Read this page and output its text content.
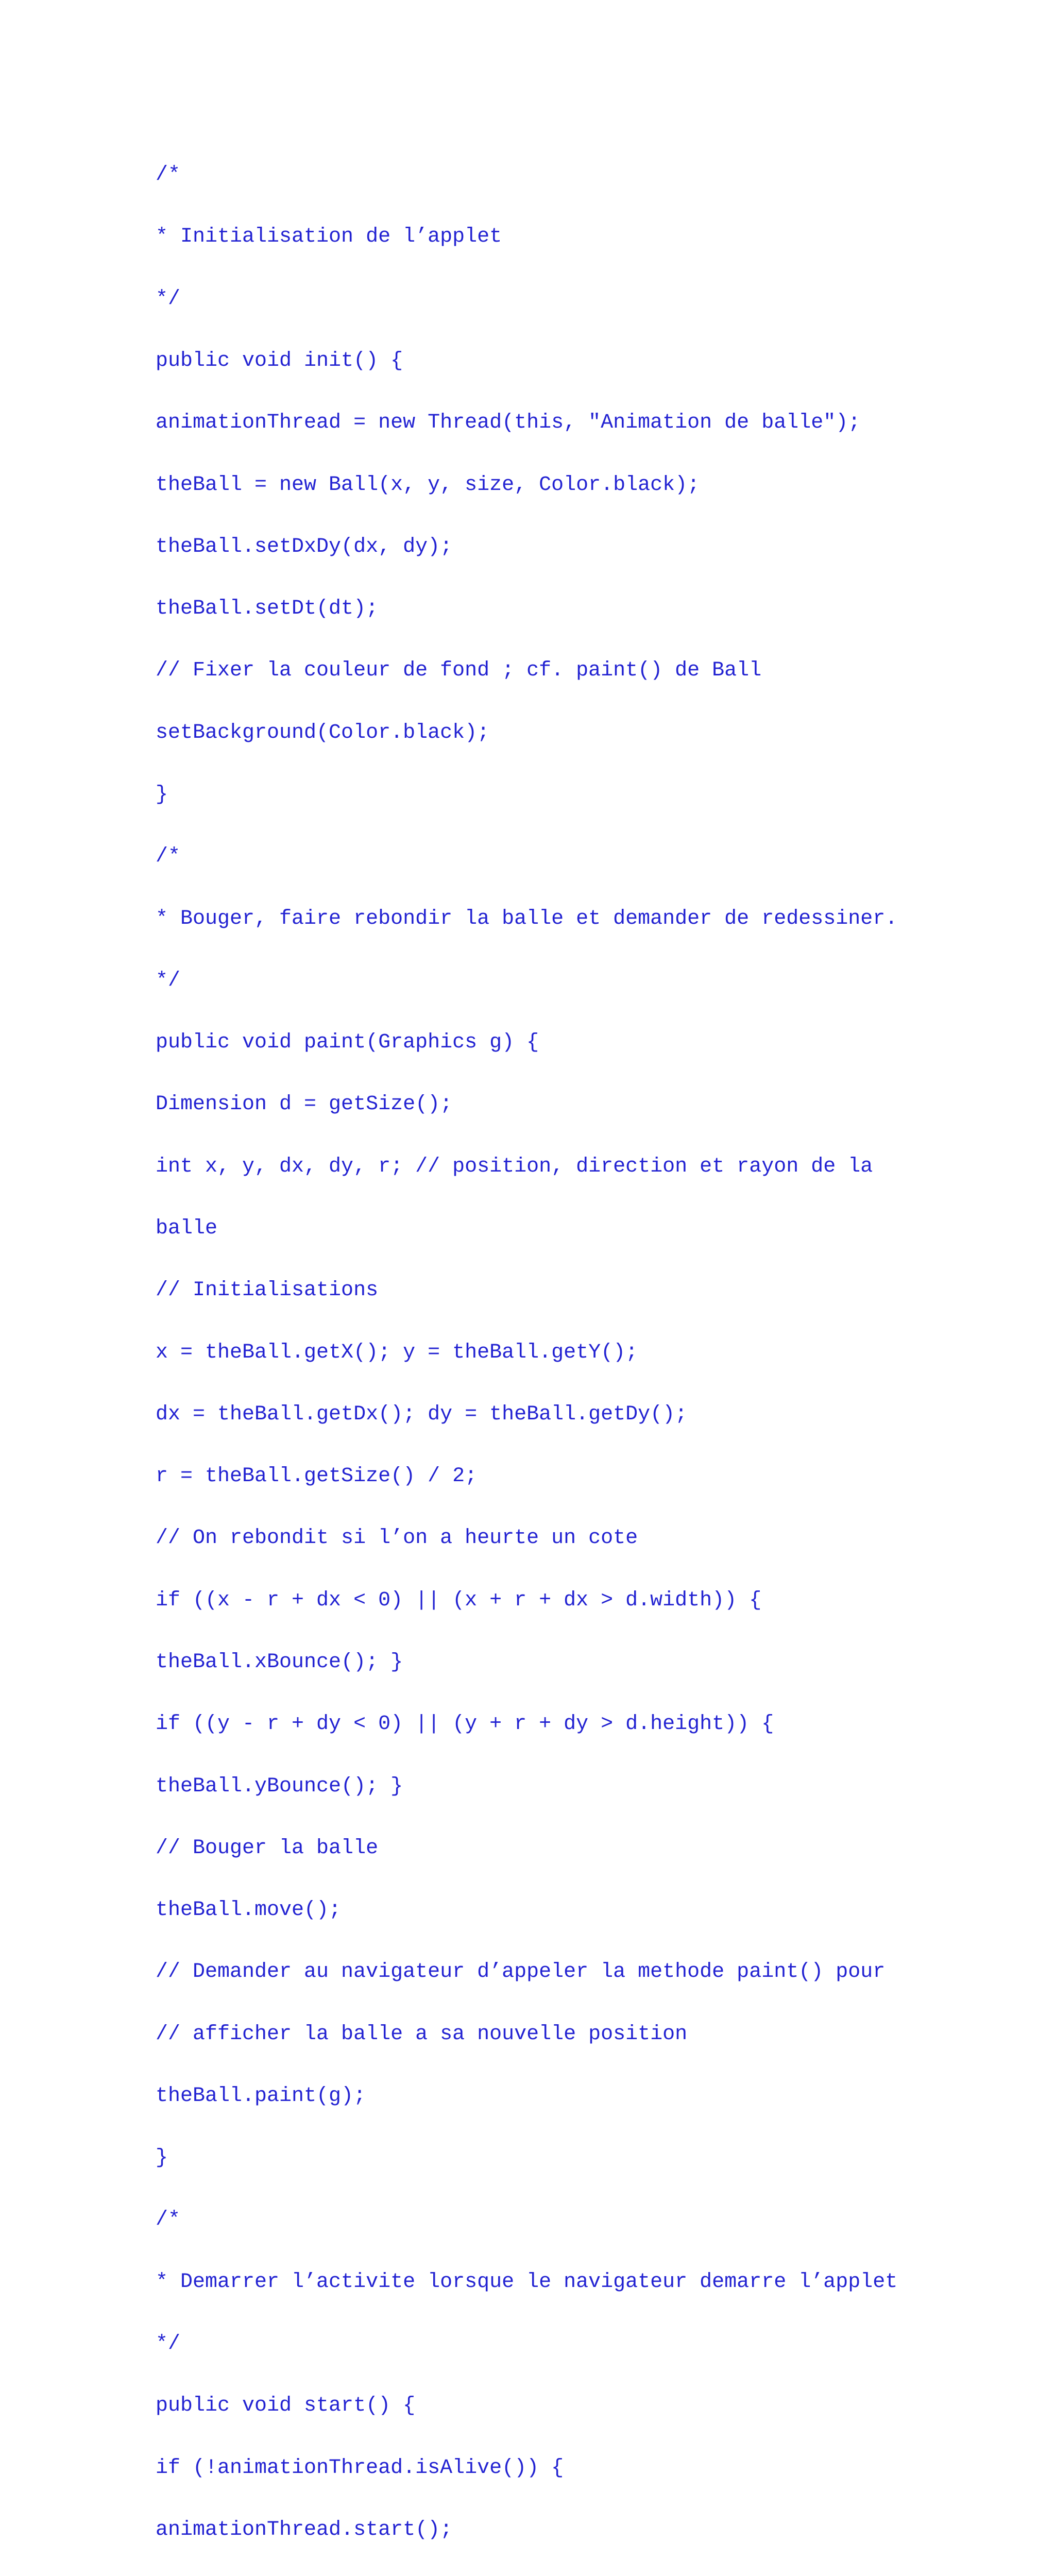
/*

* Initialisation de l’applet

*/

public void init() {

animationThread = new Thread(this, "Animation de balle");

theBall = new Ball(x, y, size, Color.black);

theBall.setDxDy(dx, dy);

theBall.setDt(dt);

// Fixer la couleur de fond ; cf. paint() de Ball

setBackground(Color.black);

}

/*

* Bouger, faire rebondir la balle et demander de redessiner.

*/

public void paint(Graphics g) {

Dimension d = getSize();

int x, y, dx, dy, r; // position, direction et rayon de la

balle

// Initialisations

x = theBall.getX(); y = theBall.getY();

dx = theBall.getDx(); dy = theBall.getDy();

r = theBall.getSize() / 2;

// On rebondit si l’on a heurte un cote

if ((x - r + dx < 0) || (x + r + dx > d.width)) {

theBall.xBounce(); }

if ((y - r + dy < 0) || (y + r + dy > d.height)) {

theBall.yBounce(); }

// Bouger la balle

theBall.move();

// Demander au navigateur d’appeler la methode paint() pour

// afficher la balle a sa nouvelle position

theBall.paint(g);

}

/*

* Demarrer l’activite lorsque le navigateur demarre l’applet

*/

public void start() {

if (!animationThread.isAlive()) {

animationThread.start();
